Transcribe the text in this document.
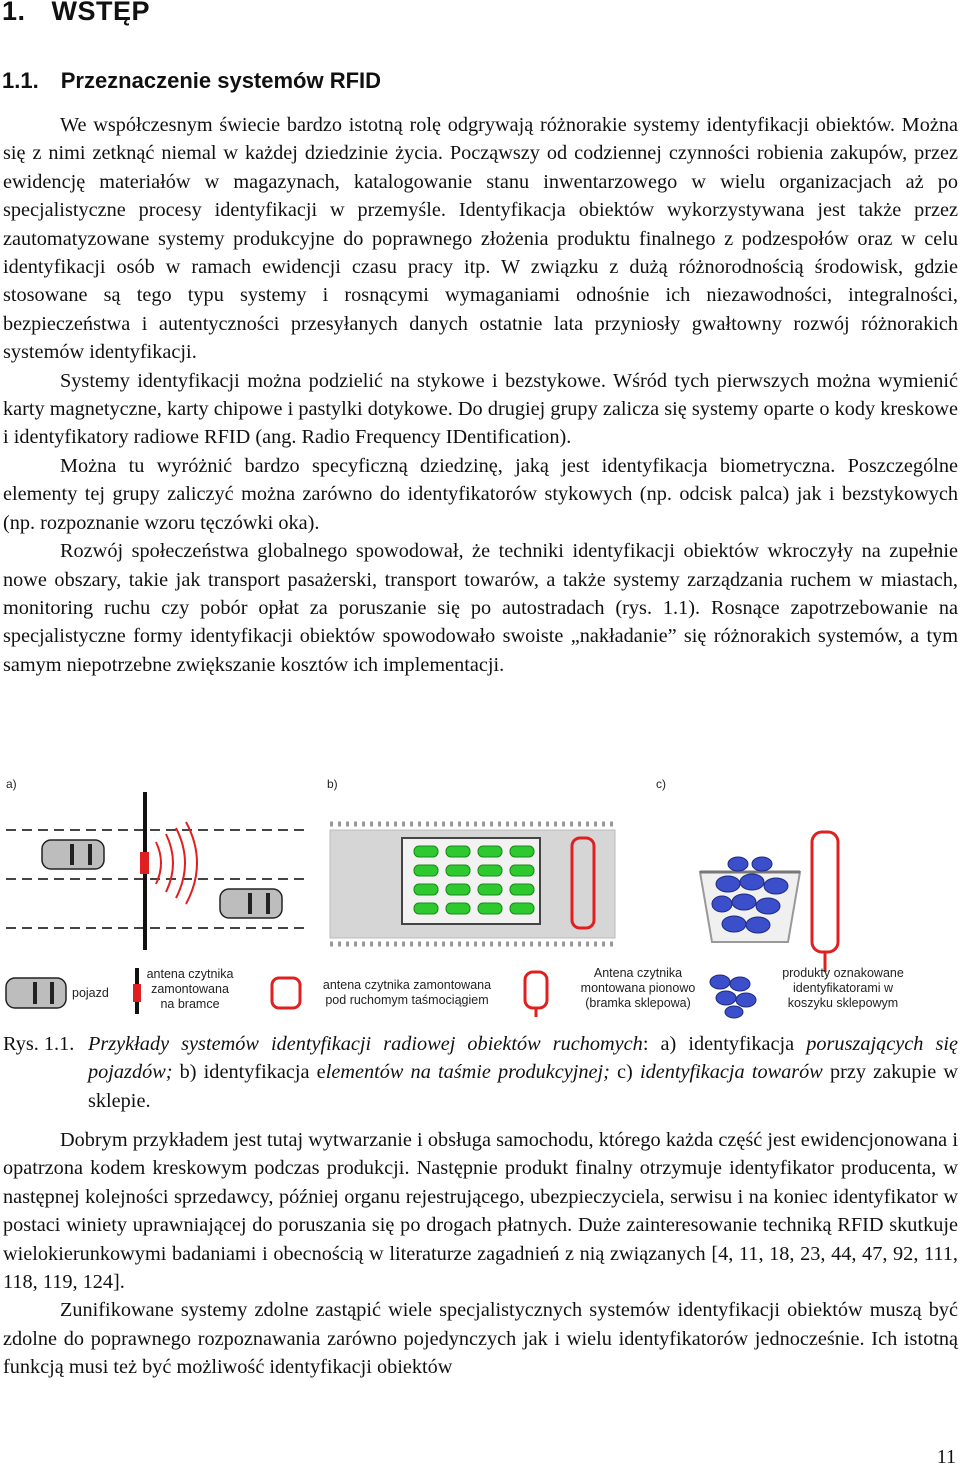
1. WSTĘP
1.1. Przeznaczenie systemów RFID

We współczesnym świecie bardzo istotną rolę odgrywają różnorakie systemy identyfikacji obiektów. Można się z nimi zetknąć niemal w każdej dziedzinie życia. Począwszy od codziennej czynności robienia zakupów, przez ewidencję materiałów w magazynach, katalogowanie stanu inwentarzowego w wielu organizacjach aż po specjalistyczne procesy identyfikacji w przemyśle. Identyfikacja obiektów wykorzystywana jest także przez zautomatyzowane systemy produkcyjne do poprawnego złożenia produktu finalnego z podzespołów oraz w celu identyfikacji osób w ramach ewidencji czasu pracy itp. W związku z dużą różnorodnością środowisk, gdzie stosowane są tego typu systemy i rosnącymi wymaganiami odnośnie ich niezawodności, integralności, bezpieczeństwa i autentyczności przesyłanych danych ostatnie lata przyniosły gwałtowny rozwój różnorakich systemów identyfikacji.

Systemy identyfikacji można podzielić na stykowe i bezstykowe. Wśród tych pierwszych można wymienić karty magnetyczne, karty chipowe i pastylki dotykowe. Do drugiej grupy zalicza się systemy oparte o kody kreskowe i identyfikatory radiowe RFID (ang. Radio Frequency IDentification).

Można tu wyróżnić bardzo specyficzną dziedzinę, jaką jest identyfikacja biometryczna. Poszczególne elementy tej grupy zaliczyć można zarówno do identyfikatorów stykowych (np. odcisk palca) jak i bezstykowych (np. rozpoznanie wzoru tęczówki oka).

Rozwój społeczeństwa globalnego spowodował, że techniki identyfikacji obiektów wkroczyły na zupełnie nowe obszary, takie jak transport pasażerski, transport towarów, a także systemy zarządzania ruchem w miastach, monitoring ruchu czy pobór opłat za poruszanie się po autostradach (rys. 1.1). Rosnące zapotrzebowanie na specjalistyczne formy identyfikacji obiektów spowodowało swoiste „nakładanie” się różnorakich systemów, a tym samym niepotrzebne zwiększanie kosztów ich implementacji.

a)	b)	c)
pojazd
antena czytnika
zamontowana
na bramce
antena czytnika zamontowana
pod ruchomym taśmociągiem
Antena czytnika
montowana pionowo
(bramka sklepowa)
produkty oznakowane
identyfikatorami w
koszyku sklepowym
Rys. 1.1. Przykłady systemów identyfikacji radiowej obiektów ruchomych: a) identyfikacja poruszających się pojazdów; b) identyfikacja elementów na taśmie produkcyjnej; c) identyfikacja towarów przy zakupie w sklepie.

Dobrym przykładem jest tutaj wytwarzanie i obsługa samochodu, którego każda część jest ewidencjonowana i opatrzona kodem kreskowym podczas produkcji. Następnie produkt finalny otrzymuje identyfikator producenta, w następnej kolejności sprzedawcy, później organu rejestrującego, ubezpieczyciela, serwisu i na koniec identyfikator w postaci winiety uprawniającej do poruszania się po drogach płatnych. Duże zainteresowanie techniką RFID skutkuje wielokierunkowymi badaniami i obecnością w literaturze zagadnień z nią związanych [4, 11, 18, 23, 44, 47, 92, 111, 118, 119, 124].

Zunifikowane systemy zdolne zastąpić wiele specjalistycznych systemów identyfikacji obiektów muszą być zdolne do poprawnego rozpoznawania zarówno pojedynczych jak i wielu identyfikatorów jednocześnie. Ich istotną funkcją musi też być możliwość identyfikacji obiektów

11
